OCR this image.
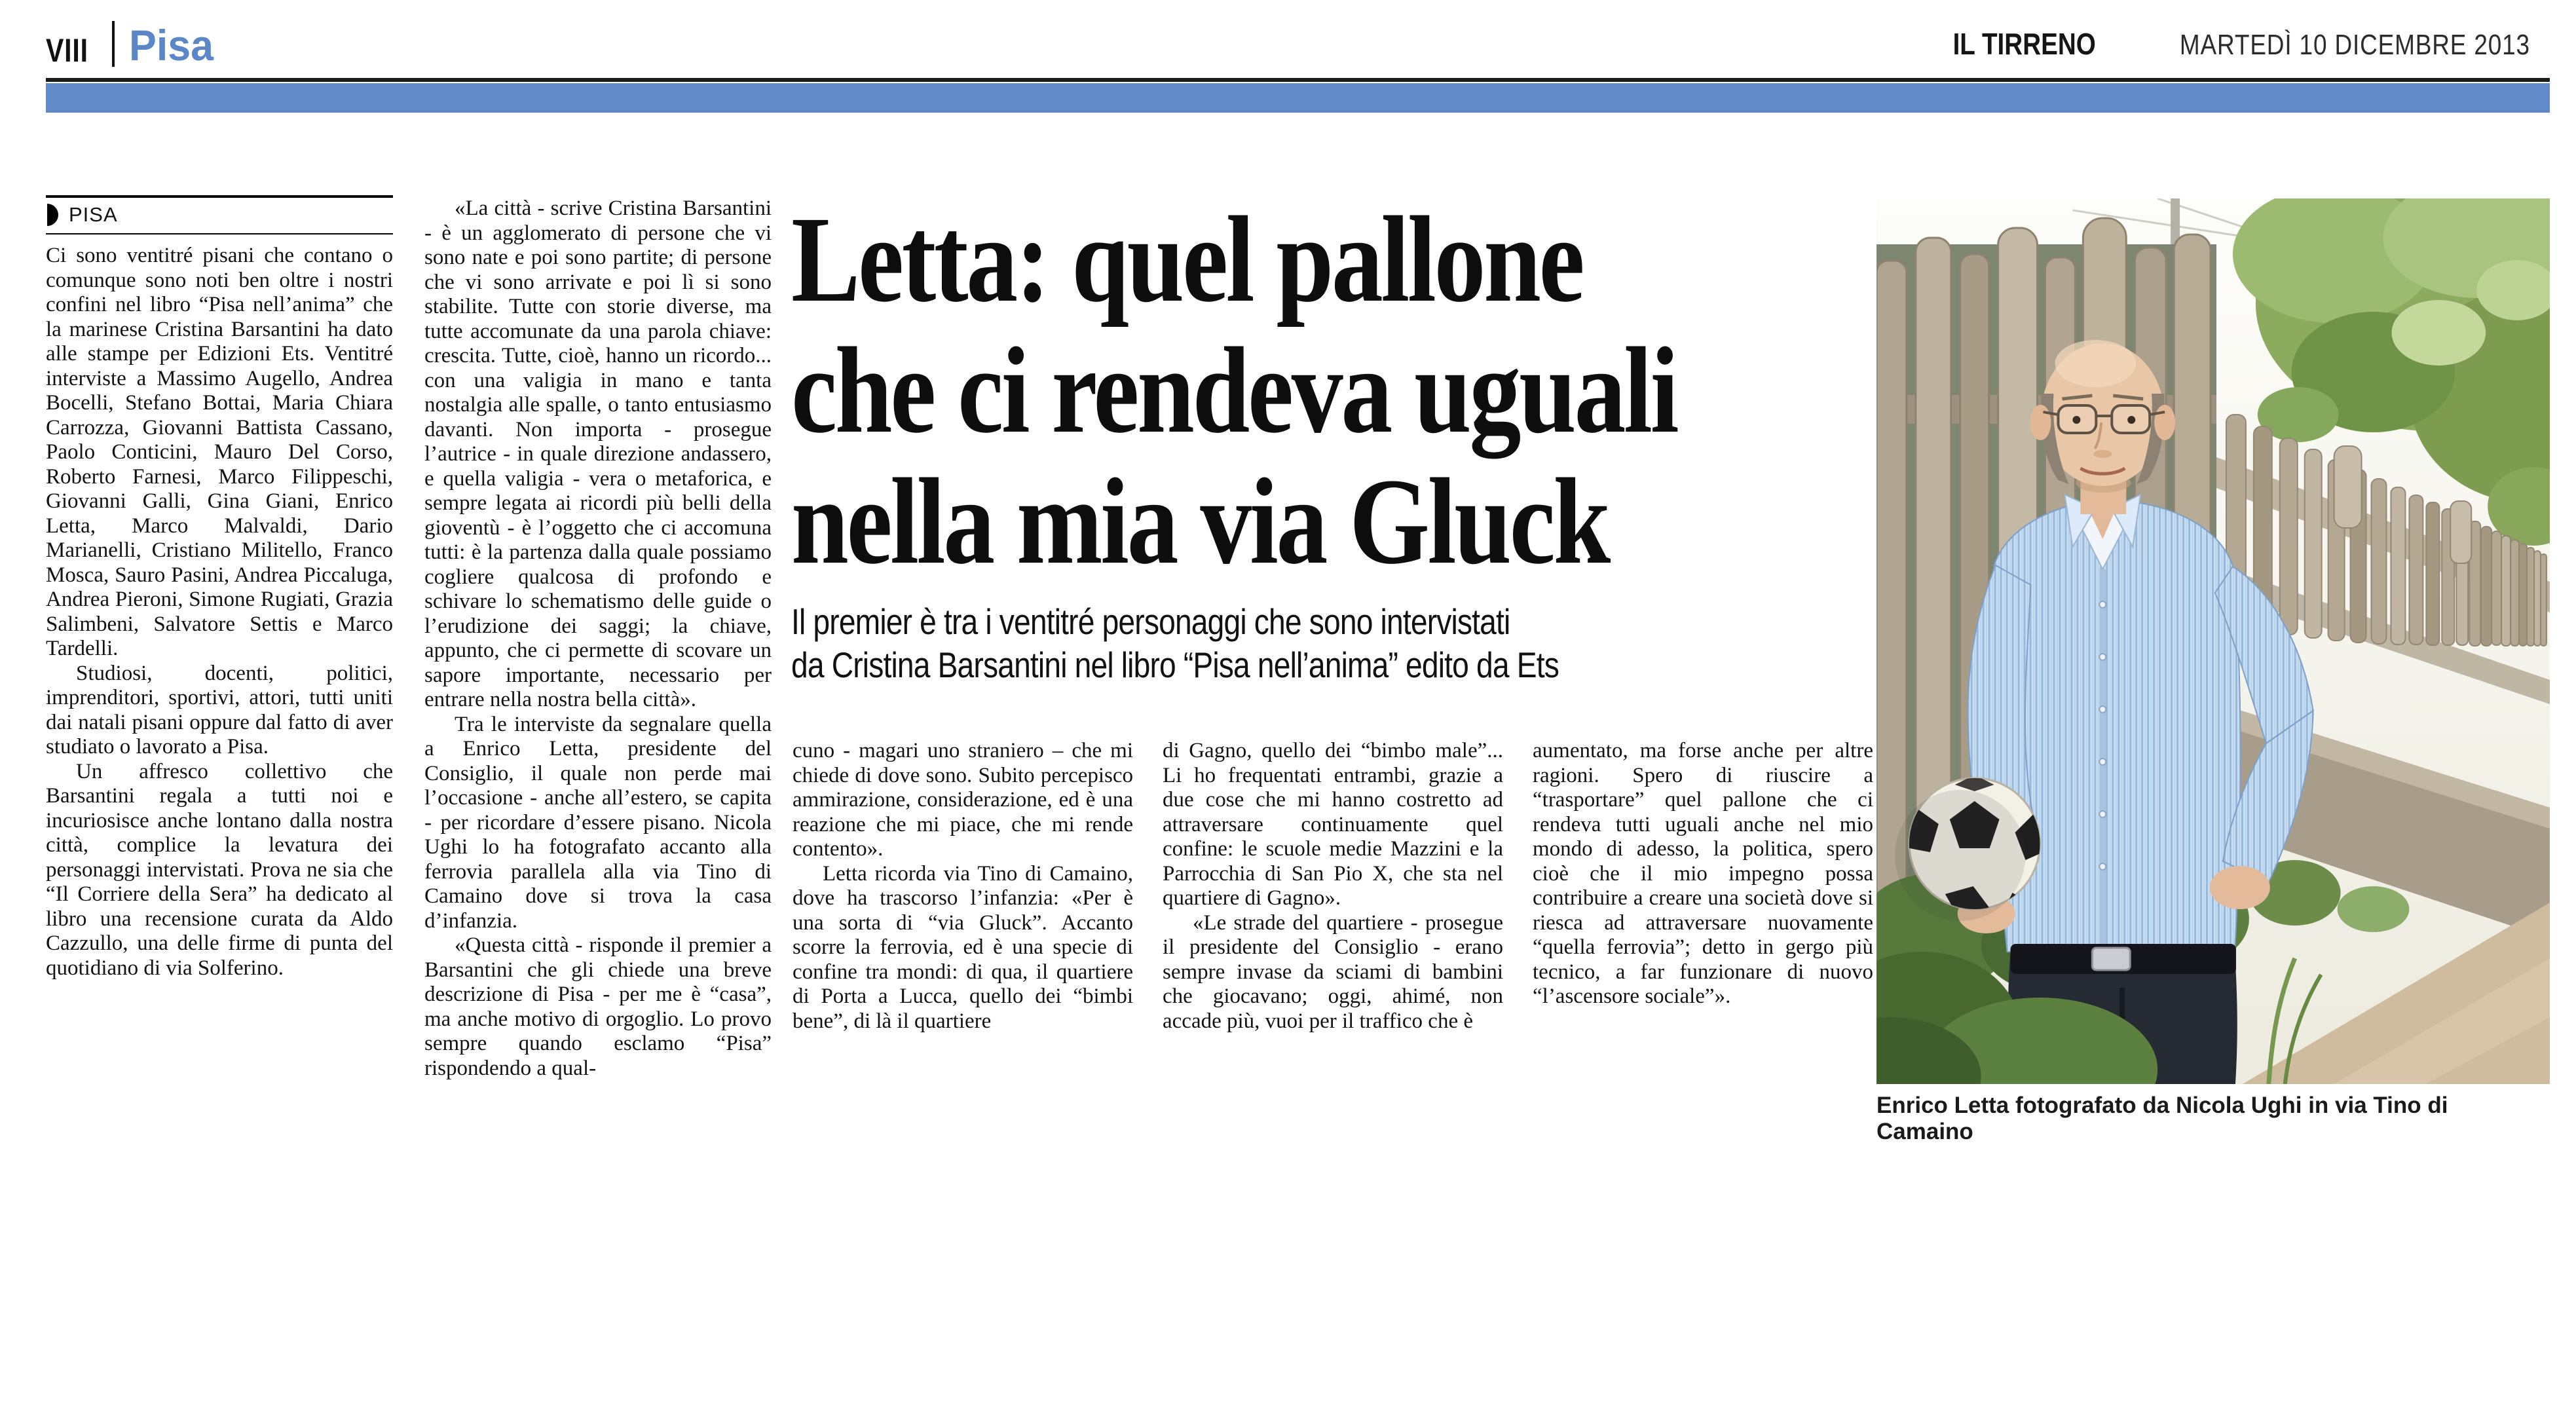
VIII Pisa	IL TIRRENO	MARTEDÌ 10 DICEMBRE 2013
PISA

Ci sono ventitré pisani che contano o comunque sono noti ben oltre i nostri confini nel libro “Pisa nell’anima” che la marinese Cristina Barsantini ha dato alle stampe per Edizioni Ets. Ventitré interviste a Massimo Augello, Andrea Bocelli, Stefano Bottai, Maria Chiara Carrozza, Giovanni Battista Cassano, Paolo Conticini, Mauro Del Corso, Roberto Farnesi, Marco Filippeschi, Giovanni Galli, Gina Giani, Enrico Letta, Marco Malvaldi, Dario Marianelli, Cristiano Militello, Franco Mosca, Sauro Pasini, Andrea Piccaluga, Andrea Pieroni, Simone Rugiati, Grazia Salimbeni, Salvatore Settis e Marco Tardelli.

Studiosi, docenti, politici, imprenditori, sportivi, attori, tutti uniti dai natali pisani oppure dal fatto di aver studiato o lavorato a Pisa.

Un affresco collettivo che Barsantini regala a tutti noi e incuriosisce anche lontano dalla nostra città, complice la levatura dei personaggi intervistati. Prova ne sia che “Il Corriere della Sera” ha dedicato al libro una recensione curata da Aldo Cazzullo, una delle firme di punta del quotidiano di via Solferino.

«La città - scrive Cristina Barsantini - è un agglomerato di persone che vi sono nate e poi sono partite; di persone che vi sono arrivate e poi lì si sono stabilite. Tutte con storie diverse, ma tutte accomunate da una parola chiave: crescita. Tutte, cioè, hanno un ricordo... con una valigia in mano e tanta nostalgia alle spalle, o tanto entusiasmo davanti. Non importa - prosegue l’autrice - in quale direzione andassero, e quella valigia - vera o metaforica, e sempre legata ai ricordi più belli della gioventù - è l’oggetto che ci accomuna tutti: è la partenza dalla quale possiamo cogliere qualcosa di profondo e schivare lo schematismo delle guide o l’erudizione dei saggi; la chiave, appunto, che ci permette di scovare un sapore importante, necessario per entrare nella nostra bella città».

Tra le interviste da segnalare quella a Enrico Letta, presidente del Consiglio, il quale non perde mai l’occasione - anche all’estero, se capita - per ricordare d’essere pisano. Nicola Ughi lo ha fotografato accanto alla ferrovia parallela alla via Tino di Camaino dove si trova la casa d’infanzia.

«Questa città - risponde il premier a Barsantini che gli chiede una breve descrizione di Pisa - per me è “casa”, ma anche motivo di orgoglio. Lo provo sempre quando esclamo “Pisa” rispondendo a qual-

Letta: quel pallone
che ci rendeva uguali
nella mia via Gluck
Il premier è tra i ventitré personaggi che sono intervistati
da Cristina Barsantini nel libro “Pisa nell’anima” edito da Ets

cuno - magari uno straniero – che mi chiede di dove sono. Subito percepisco ammirazione, considerazione, ed è una reazione che mi piace, che mi rende contento».

Letta ricorda via Tino di Camaino, dove ha trascorso l’infanzia: «Per è una sorta di “via Gluck”. Accanto scorre la ferrovia, ed è una specie di confine tra mondi: di qua, il quartiere di Porta a Lucca, quello dei “bimbi bene”, di là il quartiere

di Gagno, quello dei “bimbo male”... Li ho frequentati entrambi, grazie a due cose che mi hanno costretto ad attraversare continuamente quel confine: le scuole medie Mazzini e la Parrocchia di San Pio X, che sta nel quartiere di Gagno».

«Le strade del quartiere - prosegue il presidente del Consiglio - erano sempre invase da sciami di bambini che giocavano; oggi, ahimé, non accade più, vuoi per il traffico che è

aumentato, ma forse anche per altre ragioni. Spero di riuscire a “trasportare” quel pallone che ci rendeva tutti uguali anche nel mio mondo di adesso, la politica, spero cioè che il mio impegno possa contribuire a creare una società dove si riesca ad attraversare nuovamente “quella ferrovia”; detto in gergo più tecnico, a far funzionare di nuovo “l’ascensore sociale”».

Enrico Letta fotografato da Nicola Ughi in via Tino di Camaino
